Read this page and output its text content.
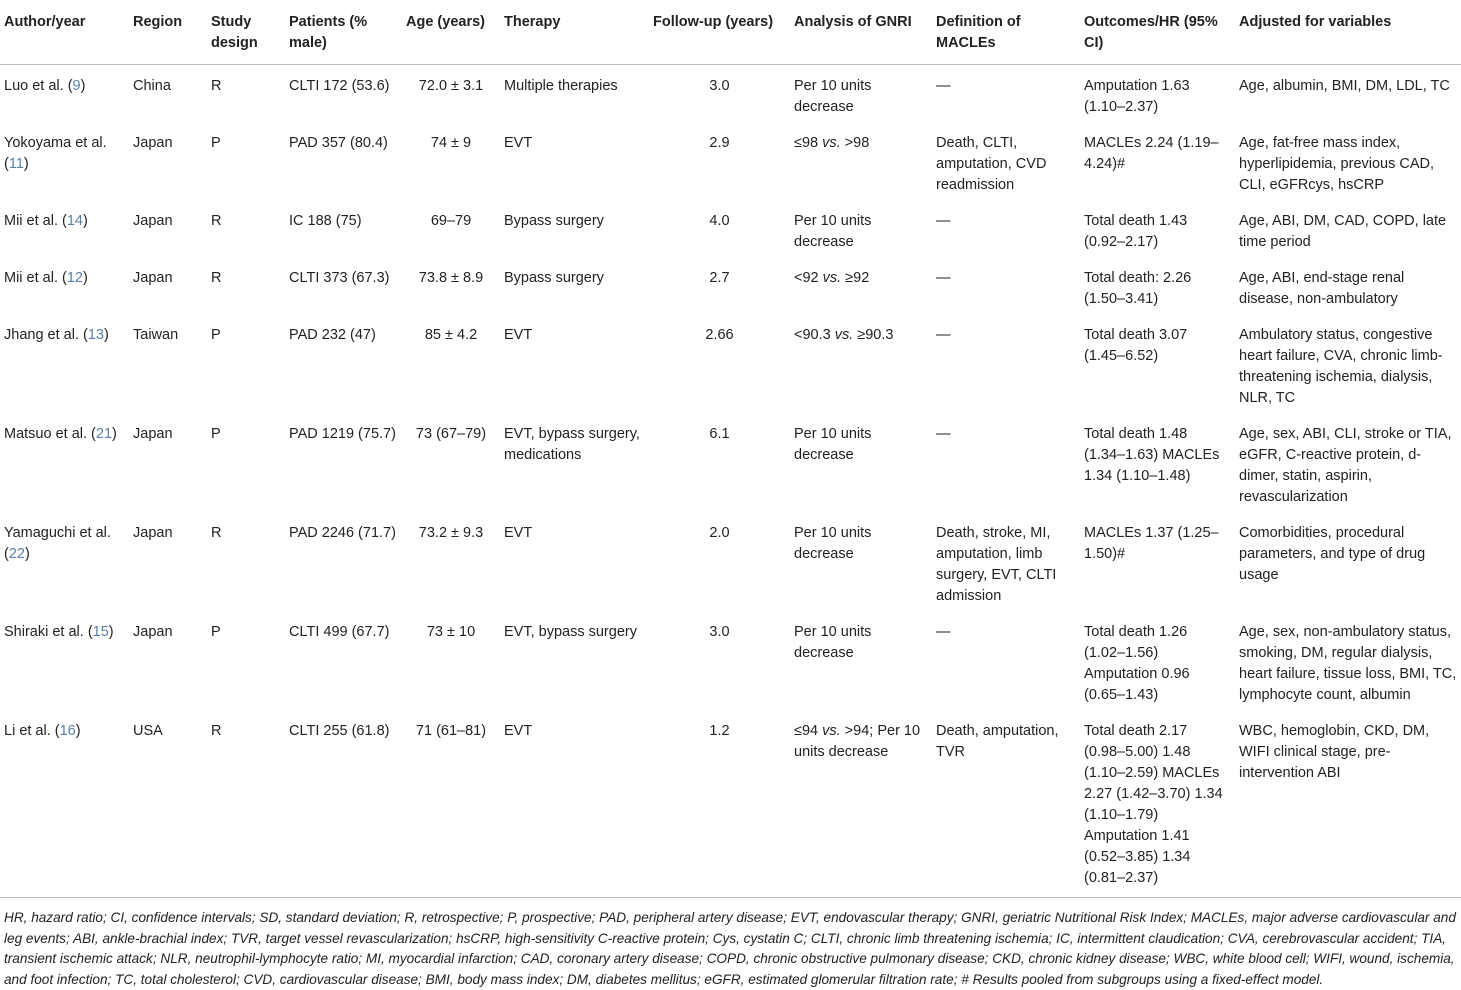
Author/year	Region	Study design	Patients (% male)	Age (years)	Therapy	Follow-up (years)	Analysis of GNRI	Definition of MACLEs	Outcomes/HR (95% CI)	Adjusted for variables
Luo et al. (9)	China	R	CLTI 172 (53.6)	72.0 ± 3.1	Multiple therapies	3.0	Per 10 units decrease	—	Amputation 1.63 (1.10–2.37)	Age, albumin, BMI, DM, LDL, TC
Yokoyama et al. (11)	Japan	P	PAD 357 (80.4)	74 ± 9	EVT	2.9	≤98 vs. >98	Death, CLTI, amputation, CVD readmission	MACLEs 2.24 (1.19–4.24)#	Age, fat-free mass index, hyperlipidemia, previous CAD, CLI, eGFRcys, hsCRP
Mii et al. (14)	Japan	R	IC 188 (75)	69–79	Bypass surgery	4.0	Per 10 units decrease	—	Total death 1.43 (0.92–2.17)	Age, ABI, DM, CAD, COPD, late time period
Mii et al. (12)	Japan	R	CLTI 373 (67.3)	73.8 ± 8.9	Bypass surgery	2.7	<92 vs. ≥92	—	Total death: 2.26 (1.50–3.41)	Age, ABI, end-stage renal disease, non-ambulatory
Jhang et al. (13)	Taiwan	P	PAD 232 (47)	85 ± 4.2	EVT	2.66	<90.3 vs. ≥90.3	—	Total death 3.07 (1.45–6.52)	Ambulatory status, congestive heart failure, CVA, chronic limb-threatening ischemia, dialysis, NLR, TC
Matsuo et al. (21)	Japan	P	PAD 1219 (75.7)	73 (67–79)	EVT, bypass surgery, medications	6.1	Per 10 units decrease	—	Total death 1.48 (1.34–1.63) MACLEs 1.34 (1.10–1.48)	Age, sex, ABI, CLI, stroke or TIA, eGFR, C-reactive protein, d-dimer, statin, aspirin, revascularization
Yamaguchi et al. (22)	Japan	R	PAD 2246 (71.7)	73.2 ± 9.3	EVT	2.0	Per 10 units decrease	Death, stroke, MI, amputation, limb surgery, EVT, CLTI admission	MACLEs 1.37 (1.25–1.50)#	Comorbidities, procedural parameters, and type of drug usage
Shiraki et al. (15)	Japan	P	CLTI 499 (67.7)	73 ± 10	EVT, bypass surgery	3.0	Per 10 units decrease	—	Total death 1.26 (1.02–1.56) Amputation 0.96 (0.65–1.43)	Age, sex, non-ambulatory status, smoking, DM, regular dialysis, heart failure, tissue loss, BMI, TC, lymphocyte count, albumin
Li et al. (16)	USA	R	CLTI 255 (61.8)	71 (61–81)	EVT	1.2	≤94 vs. >94; Per 10 units decrease	Death, amputation, TVR	Total death 2.17 (0.98–5.00) 1.48 (1.10–2.59) MACLEs 2.27 (1.42–3.70) 1.34 (1.10–1.79) Amputation 1.41 (0.52–3.85) 1.34 (0.81–2.37)	WBC, hemoglobin, CKD, DM, WIFI clinical stage, pre-intervention ABI
HR, hazard ratio; CI, confidence intervals; SD, standard deviation; R, retrospective; P, prospective; PAD, peripheral artery disease; EVT, endovascular therapy; GNRI, geriatric Nutritional Risk Index; MACLEs, major adverse cardiovascular and leg events; ABI, ankle-brachial index; TVR, target vessel revascularization; hsCRP, high-sensitivity C-reactive protein; Cys, cystatin C; CLTI, chronic limb threatening ischemia; IC, intermittent claudication; CVA, cerebrovascular accident; TIA, transient ischemic attack; NLR, neutrophil-lymphocyte ratio; MI, myocardial infarction; CAD, coronary artery disease; COPD, chronic obstructive pulmonary disease; CKD, chronic kidney disease; WBC, white blood cell; WIFI, wound, ischemia, and foot infection; TC, total cholesterol; CVD, cardiovascular disease; BMI, body mass index; DM, diabetes mellitus; eGFR, estimated glomerular filtration rate; # Results pooled from subgroups using a fixed-effect model.
